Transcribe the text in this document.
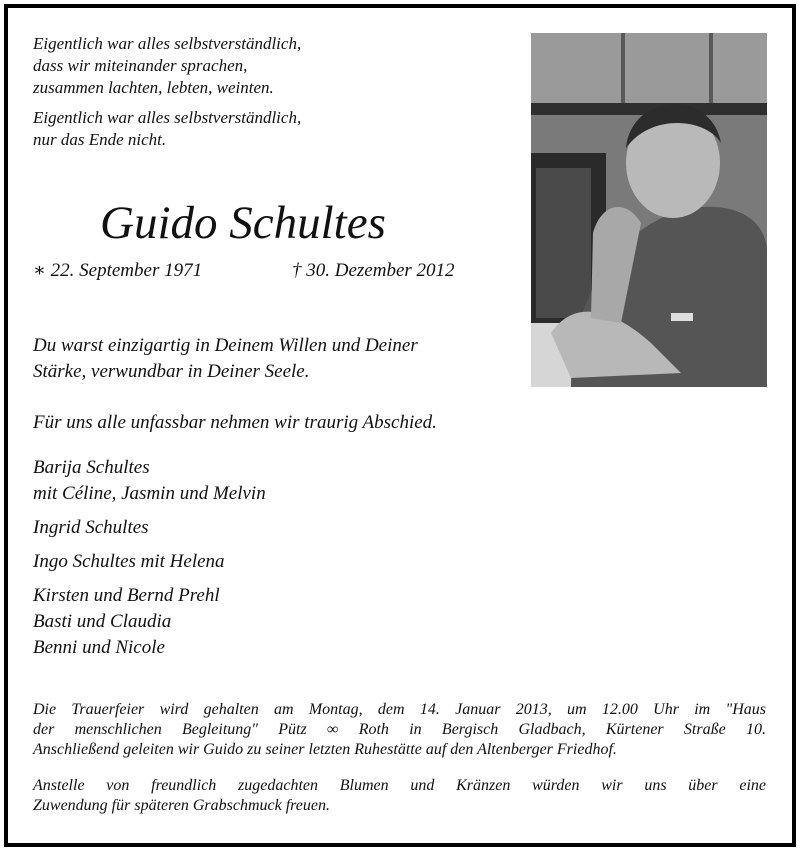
Eigentlich war alles selbstverständlich,
dass wir miteinander sprachen,
zusammen lachten, lebten, weinten.
Eigentlich war alles selbstverständlich,
nur das Ende nicht.
Guido Schultes
∗ 22. September 1971	† 30. Dezember 2012
Du warst einzigartig in Deinem Willen und Deiner
Stärke, verwundbar in Deiner Seele.
Für uns alle unfassbar nehmen wir traurig Abschied.
Barija Schultes
mit Céline, Jasmin und Melvin
Ingrid Schultes
Ingo Schultes mit Helena
Kirsten und Bernd Prehl
Basti und Claudia
Benni und Nicole
Die Trauerfeier wird gehalten am Montag, dem 14. Januar 2013, um 12.00 Uhr im "Haus
der menschlichen Begleitung" Pütz ∞ Roth in Bergisch Gladbach, Kürtener Straße 10.
Anschließend geleiten wir Guido zu seiner letzten Ruhestätte auf den Altenberger Friedhof.
Anstelle von freundlich zugedachten Blumen und Kränzen würden wir uns über eine
Zuwendung für späteren Grabschmuck freuen.
